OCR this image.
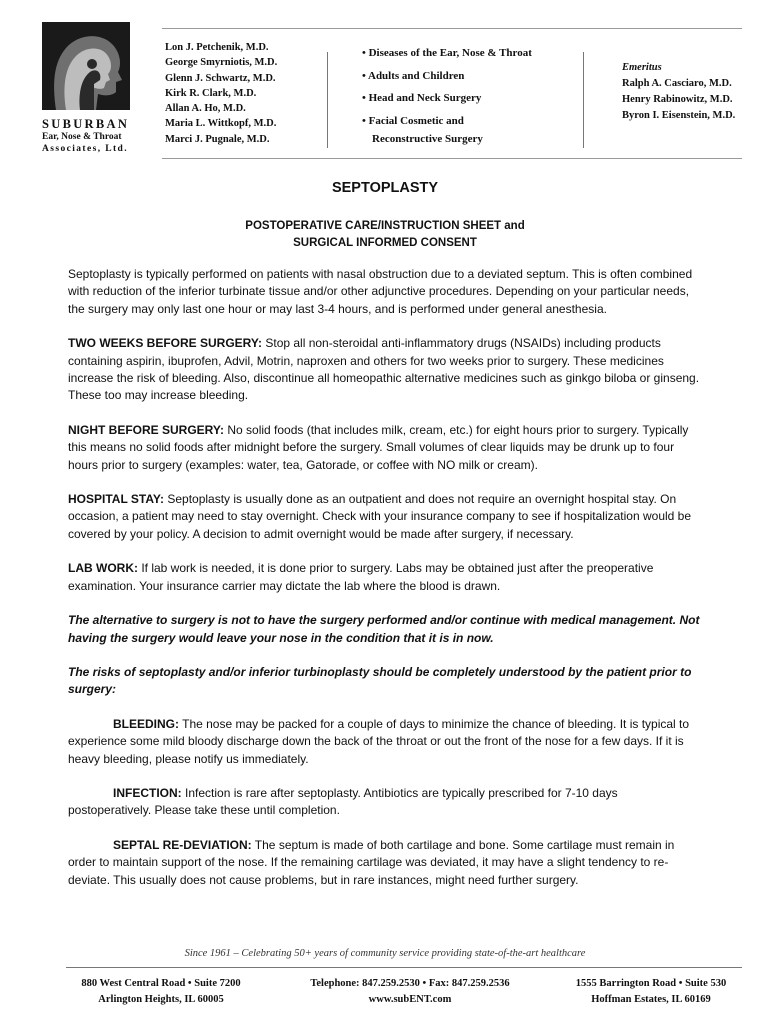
SUBURBAN
Ear, Nose & Throat
Associates, Ltd.
Lon J. Petchenik, M.D.
George Smyrniotis, M.D.
Glenn J. Schwartz, M.D.
Kirk R. Clark, M.D.
Allan A. Ho, M.D.
Maria L. Wittkopf, M.D.
Marci J. Pugnale, M.D.
• Diseases of the Ear, Nose & Throat
• Adults and Children
• Head and Neck Surgery
• Facial Cosmetic and
Reconstructive Surgery
Emeritus
Ralph A. Casciaro, M.D.
Henry Rabinowitz, M.D.
Byron I. Eisenstein, M.D.
SEPTOPLASTY
POSTOPERATIVE CARE/INSTRUCTION SHEET and
SURGICAL INFORMED CONSENT

Septoplasty is typically performed on patients with nasal obstruction due to a deviated septum. This is often combined with reduction of the inferior turbinate tissue and/or other adjunctive procedures. Depending on your particular needs, the surgery may only last one hour or may last 3-4 hours, and is performed under general anesthesia.

TWO WEEKS BEFORE SURGERY: Stop all non-steroidal anti-inflammatory drugs (NSAIDs) including products containing aspirin, ibuprofen, Advil, Motrin, naproxen and others for two weeks prior to surgery. These medicines increase the risk of bleeding. Also, discontinue all homeopathic alternative medicines such as ginkgo biloba or ginseng. These too may increase bleeding.

NIGHT BEFORE SURGERY: No solid foods (that includes milk, cream, etc.) for eight hours prior to surgery. Typically this means no solid foods after midnight before the surgery. Small volumes of clear liquids may be drunk up to four hours prior to surgery (examples: water, tea, Gatorade, or coffee with NO milk or cream).

HOSPITAL STAY: Septoplasty is usually done as an outpatient and does not require an overnight hospital stay. On occasion, a patient may need to stay overnight. Check with your insurance company to see if hospitalization would be covered by your policy. A decision to admit overnight would be made after surgery, if necessary.

LAB WORK: If lab work is needed, it is done prior to surgery. Labs may be obtained just after the preoperative examination. Your insurance carrier may dictate the lab where the blood is drawn.

The alternative to surgery is not to have the surgery performed and/or continue with medical management. Not having the surgery would leave your nose in the condition that it is in now.

The risks of septoplasty and/or inferior turbinoplasty should be completely understood by the patient prior to surgery:

BLEEDING: The nose may be packed for a couple of days to minimize the chance of bleeding. It is typical to experience some mild bloody discharge down the back of the throat or out the front of the nose for a few days. If it is heavy bleeding, please notify us immediately.

INFECTION: Infection is rare after septoplasty. Antibiotics are typically prescribed for 7-10 days postoperatively. Please take these until completion.

SEPTAL RE-DEVIATION: The septum is made of both cartilage and bone. Some cartilage must remain in order to maintain support of the nose. If the remaining cartilage was deviated, it may have a slight tendency to re-deviate. This usually does not cause problems, but in rare instances, might need further surgery.

Since 1961 – Celebrating 50+ years of community service providing state-of-the-art healthcare
880 West Central Road • Suite 7200
Arlington Heights, IL 60005
Telephone: 847.259.2530 • Fax: 847.259.2536
www.subENT.com
1555 Barrington Road • Suite 530
Hoffman Estates, IL 60169
